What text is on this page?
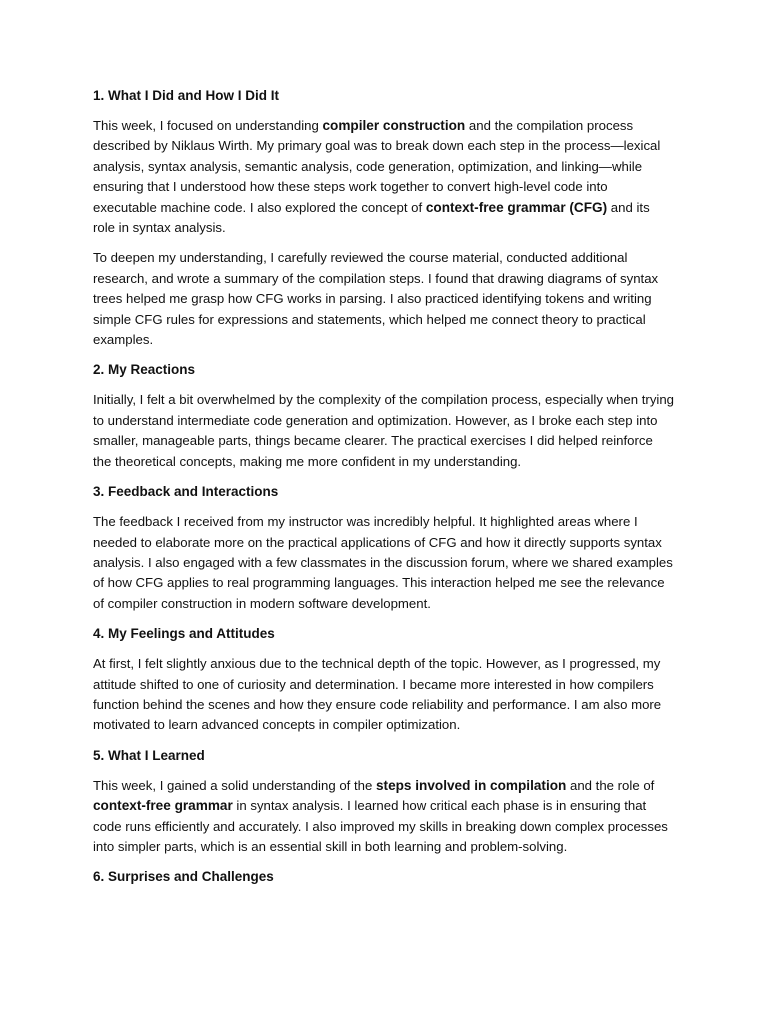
1. What I Did and How I Did It

This week, I focused on understanding compiler construction and the compilation process described by Niklaus Wirth. My primary goal was to break down each step in the process—lexical analysis, syntax analysis, semantic analysis, code generation, optimization, and linking—while ensuring that I understood how these steps work together to convert high-level code into executable machine code. I also explored the concept of context-free grammar (CFG) and its role in syntax analysis.

To deepen my understanding, I carefully reviewed the course material, conducted additional research, and wrote a summary of the compilation steps. I found that drawing diagrams of syntax trees helped me grasp how CFG works in parsing. I also practiced identifying tokens and writing simple CFG rules for expressions and statements, which helped me connect theory to practical examples.

2. My Reactions

Initially, I felt a bit overwhelmed by the complexity of the compilation process, especially when trying to understand intermediate code generation and optimization. However, as I broke each step into smaller, manageable parts, things became clearer. The practical exercises I did helped reinforce the theoretical concepts, making me more confident in my understanding.

3. Feedback and Interactions

The feedback I received from my instructor was incredibly helpful. It highlighted areas where I needed to elaborate more on the practical applications of CFG and how it directly supports syntax analysis. I also engaged with a few classmates in the discussion forum, where we shared examples of how CFG applies to real programming languages. This interaction helped me see the relevance of compiler construction in modern software development.

4. My Feelings and Attitudes

At first, I felt slightly anxious due to the technical depth of the topic. However, as I progressed, my attitude shifted to one of curiosity and determination. I became more interested in how compilers function behind the scenes and how they ensure code reliability and performance. I am also more motivated to learn advanced concepts in compiler optimization.

5. What I Learned

This week, I gained a solid understanding of the steps involved in compilation and the role of context-free grammar in syntax analysis. I learned how critical each phase is in ensuring that code runs efficiently and accurately. I also improved my skills in breaking down complex processes into simpler parts, which is an essential skill in both learning and problem-solving.

6. Surprises and Challenges
